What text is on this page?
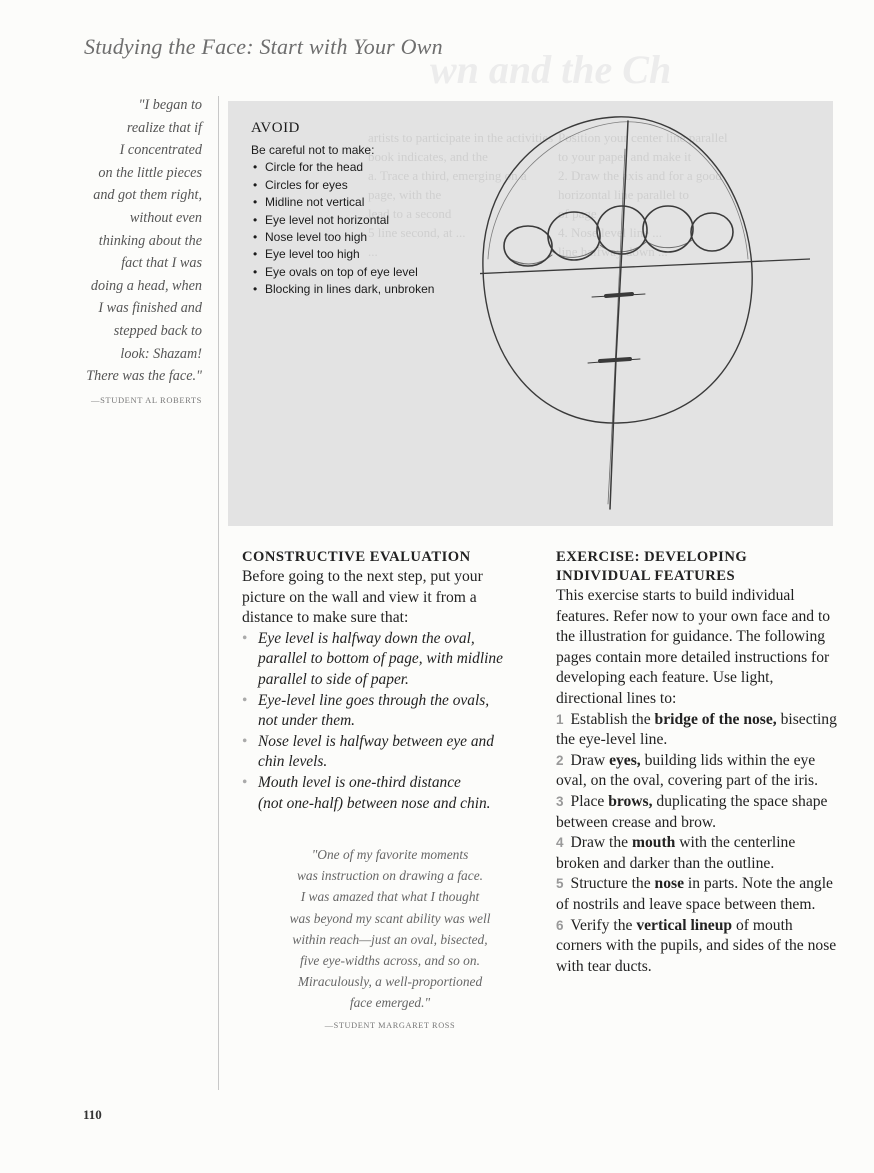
wn and the Ch
Studying the Face: Start with Your Own
"I began to
realize that if
I concentrated
on the little pieces
and got them right,
without even
thinking about the
fact that I was
doing a head, when
I was finished and
stepped back to
look: Shazam!
There was the face."
—STUDENT AL ROBERTS

artists to participate in the activities
book indicates, and the
a. Trace a third, emerging on a
page, with the
lead to a second
5 line second, at ...
...

Position your center line parallel
to your paper and make it
2. Draw the axis and for a good
horizontal line parallel to
of page
4. Nose level line ...
line halfway down ...

AVOID
Be careful not to make:
• Circle for the head
• Circles for eyes
• Midline not vertical
• Eye level not horizontal
• Nose level too high
• Eye level too high
• Eye ovals on top of eye level
• Blocking in lines dark, unbroken
CONSTRUCTIVE EVALUATION
Before going to the next step, put your picture on the wall and view it from a distance to make sure that:
• Eye level is halfway down the oval,
parallel to bottom of page, with midline
parallel to side of paper.
• Eye-level line goes through the ovals,
not under them.
• Nose level is halfway between eye and
chin levels.
• Mouth level is one-third distance
(not one-half) between nose and chin.
"One of my favorite moments
was instruction on drawing a face.
I was amazed that what I thought
was beyond my scant ability was well
within reach—just an oval, bisected,
five eye-widths across, and so on.
Miraculously, a well-proportioned
face emerged."
—STUDENT MARGARET ROSS
EXERCISE: DEVELOPING
INDIVIDUAL FEATURES
This exercise starts to build individual features. Refer now to your own face and to the illustration for guidance. The following pages contain more detailed instructions for developing each feature. Use light, directional lines to:
1 Establish the bridge of the nose, bisecting the eye-level line.
2 Draw eyes, building lids within the eye oval, on the oval, covering part of the iris.
3 Place brows, duplicating the space shape between crease and brow.
4 Draw the mouth with the centerline broken and darker than the outline.
5 Structure the nose in parts. Note the angle of nostrils and leave space between them.
6 Verify the vertical lineup of mouth corners with the pupils, and sides of the nose with tear ducts.
110
